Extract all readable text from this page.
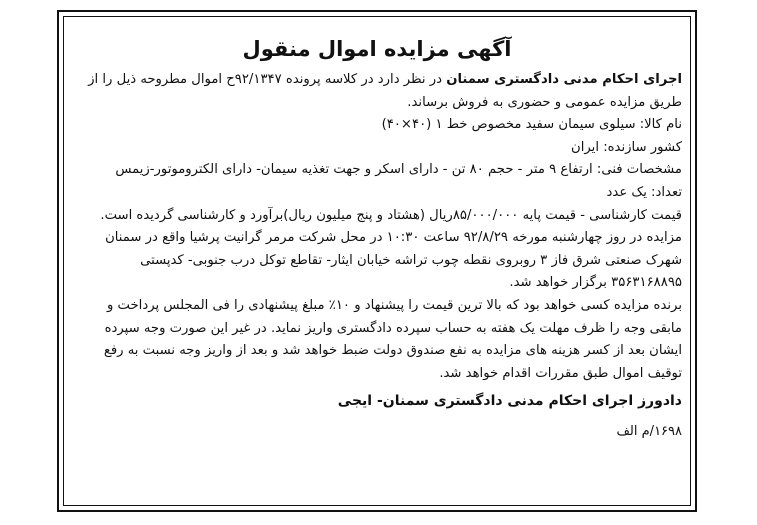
آگهی مزایده اموال منقول
اجرای احکام مدنی دادگستری سمنان در نظر دارد در کلاسه پرونده ۹۲/۱۳۴۷ح اموال مطروحه ذیل را از
طریق مزایده عمومی و حضوری به فروش برساند.
نام کالا: سیلوی سیمان سفید مخصوص خط ۱ (۴۰×۴۰)
کشور سازنده: ایران
مشخصات فنی: ارتفاع ۹ متر - حجم ۸۰ تن - دارای اسکر و جهت تغذیه سیمان- دارای الکتروموتور-زیمس
تعداد: یک عدد
قیمت کارشناسی - قیمت پایه ۸۵/۰۰۰/۰۰۰ریال (هشتاد و پنج میلیون ریال)برآورد و کارشناسی گردیده است.
مزایده در روز چهارشنبه مورخه ۹۲/۸/۲۹ ساعت ۱۰:۳۰ در محل شرکت مرمر گرانیت پرشیا واقع در سمنان
شهرک صنعتی شرق فاز ۳ روبروی نقطه چوب تراشه خیابان ایثار- تقاطع توکل درب جنوبی- کدپستی
۳۵۶۳۱۶۸۸۹۵ برگزار خواهد شد.
برنده مزایده کسی خواهد بود که بالا ترین قیمت را پیشنهاد و ۱۰٪ مبلغ پیشنهادی را فی المجلس پرداخت و
مابقی وجه را ظرف مهلت یک هفته به حساب سپرده دادگستری واریز نماید. در غیر این صورت وجه سپرده
ایشان بعد از کسر هزینه های مزایده به نفع صندوق دولت ضبط خواهد شد و بعد از واریز وجه نسبت به رفع
توقیف اموال طبق مقررات اقدام خواهد شد.
دادورز اجرای احکام مدنی دادگستری سمنان- ایجی
۱۶۹۸/م الف
